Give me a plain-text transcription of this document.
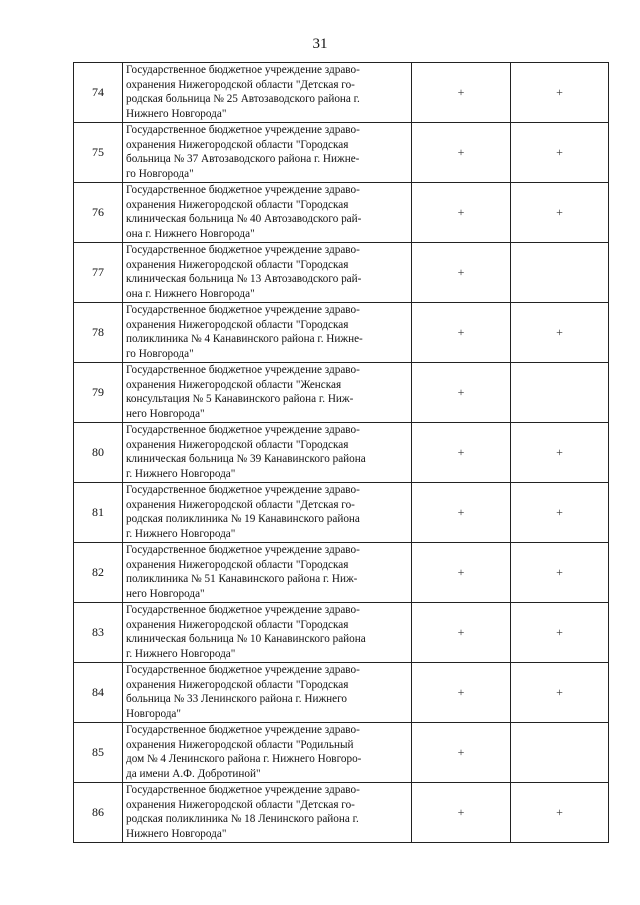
31
74	Государственное бюджетное учреждение здраво-
охранения Нижегородской области "Детская го-
родская больница № 25 Автозаводского района г.
Нижнего Новгорода"	+	+
75	Государственное бюджетное учреждение здраво-
охранения Нижегородской области "Городская
больница № 37 Автозаводского района г. Нижне-
го Новгорода"	+	+
76	Государственное бюджетное учреждение здраво-
охранения Нижегородской области "Городская
клиническая больница № 40 Автозаводского рай-
она г. Нижнего Новгорода"	+	+
77	Государственное бюджетное учреждение здраво-
охранения Нижегородской области "Городская
клиническая больница № 13 Автозаводского рай-
она г. Нижнего Новгорода"	+	
78	Государственное бюджетное учреждение здраво-
охранения Нижегородской области "Городская
поликлиника № 4 Канавинского района г. Нижне-
го Новгорода"	+	+
79	Государственное бюджетное учреждение здраво-
охранения Нижегородской области "Женская
консультация № 5 Канавинского района г. Ниж-
него Новгорода"	+	
80	Государственное бюджетное учреждение здраво-
охранения Нижегородской области "Городская
клиническая больница № 39 Канавинского района
г. Нижнего Новгорода"	+	+
81	Государственное бюджетное учреждение здраво-
охранения Нижегородской области "Детская го-
родская поликлиника № 19 Канавинского района
г. Нижнего Новгорода"	+	+
82	Государственное бюджетное учреждение здраво-
охранения Нижегородской области "Городская
поликлиника № 51 Канавинского района г. Ниж-
него Новгорода"	+	+
83	Государственное бюджетное учреждение здраво-
охранения Нижегородской области "Городская
клиническая больница № 10 Канавинского района
г. Нижнего Новгорода"	+	+
84	Государственное бюджетное учреждение здраво-
охранения Нижегородской области "Городская
больница № 33 Ленинского района г. Нижнего
Новгорода"	+	+
85	Государственное бюджетное учреждение здраво-
охранения Нижегородской области "Родильный
дом № 4 Ленинского района г. Нижнего Новгоро-
да имени А.Ф. Добротиной"	+	
86	Государственное бюджетное учреждение здраво-
охранения Нижегородской области "Детская го-
родская поликлиника № 18 Ленинского района г.
Нижнего Новгорода"	+	+
